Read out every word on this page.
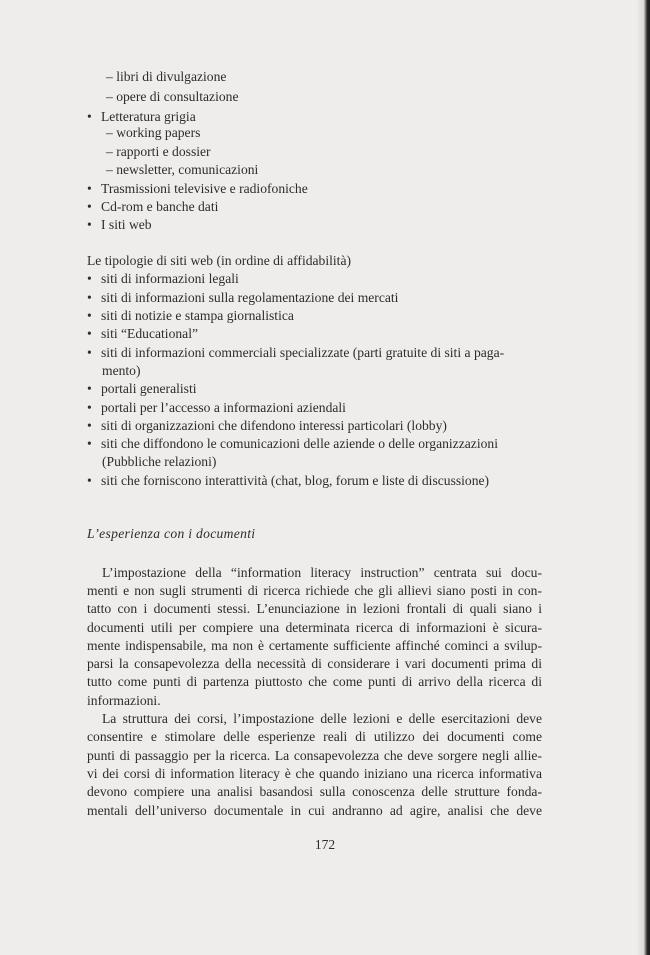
– libri di divulgazione
– opere di consultazione
• Letteratura grigia
– working papers
– rapporti e dossier
– newsletter, comunicazioni
• Trasmissioni televisive e radiofoniche
• Cd-rom e banche dati
• I siti web
Le tipologie di siti web (in ordine di affidabilità)
• siti di informazioni legali
• siti di informazioni sulla regolamentazione dei mercati
• siti di notizie e stampa giornalistica
• siti “Educational”
• siti di informazioni commerciali specializzate (parti gratuite di siti a paga-
mento)
• portali generalisti
• portali per l’accesso a informazioni aziendali
• siti di organizzazioni che difendono interessi particolari (lobby)
• siti che diffondono le comunicazioni delle aziende o delle organizzazioni
(Pubbliche relazioni)
• siti che forniscono interattività (chat, blog, forum e liste di discussione)
L’esperienza con i documenti
L’impostazione della “information literacy instruction” centrata sui docu-
menti e non sugli strumenti di ricerca richiede che gli allievi siano posti in con-
tatto con i documenti stessi. L’enunciazione in lezioni frontali di quali siano i
documenti utili per compiere una determinata ricerca di informazioni è sicura-
mente indispensabile, ma non è certamente sufficiente affinché cominci a svilup-
parsi la consapevolezza della necessità di considerare i vari documenti prima di
tutto come punti di partenza piuttosto che come punti di arrivo della ricerca di
informazioni.
La struttura dei corsi, l’impostazione delle lezioni e delle esercitazioni deve
consentire e stimolare delle esperienze reali di utilizzo dei documenti come
punti di passaggio per la ricerca. La consapevolezza che deve sorgere negli allie-
vi dei corsi di information literacy è che quando iniziano una ricerca informativa
devono compiere una analisi basandosi sulla conoscenza delle strutture fonda-
mentali dell’universo documentale in cui andranno ad agire, analisi che deve
172
